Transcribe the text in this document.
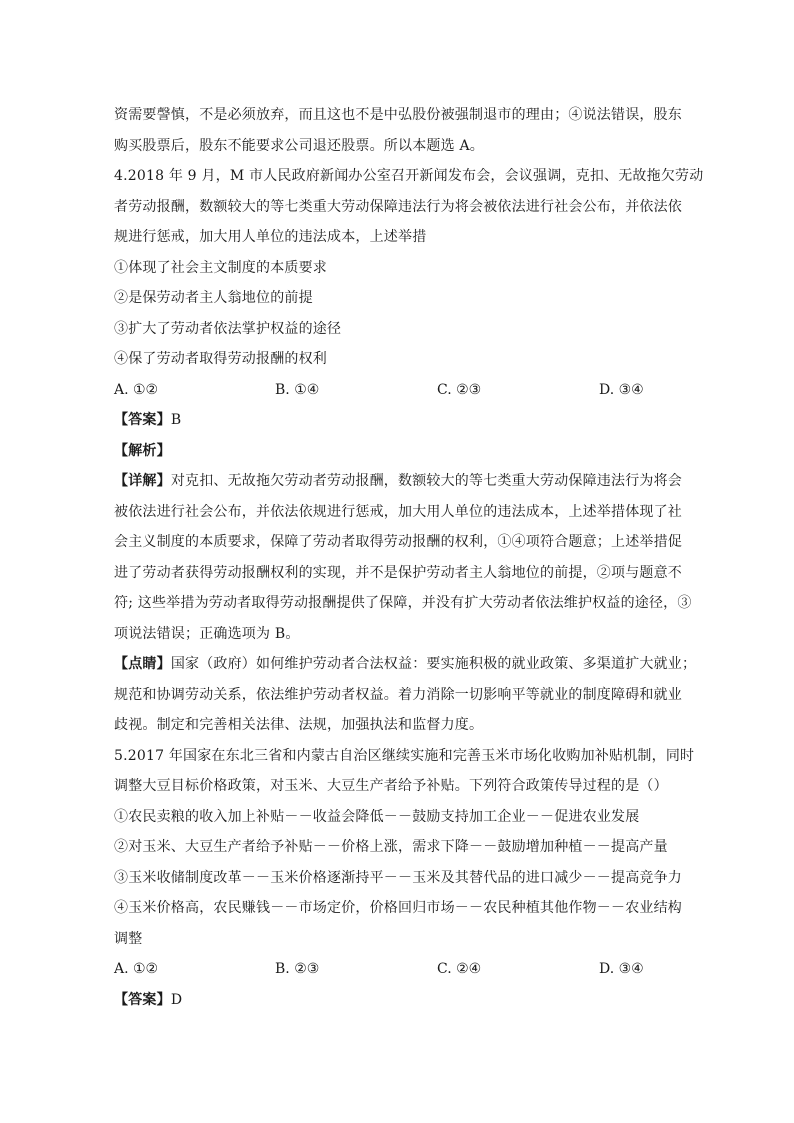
资需要謦慎，不是必须放弃，而且这也不是中弘股份被强制退市的理由；④说法错误，股东
购买股票后，股东不能要求公司退还股票。所以本题选 A。
4.2018 年 9 月，M 市人民政府新闻办公室召开新闻发布会，会议强调，克扣、无故拖欠劳动
者劳动报酬，数额较大的等七类重大劳动保障违法行为将会被依法进行社会公布，并依法依
规进行惩戒，加大用人单位的违法成本，上述举措
①体现了社会主文制度的本质要求
②是保劳动者主人翁地位的前提
③扩大了劳动者依法掌护权益的途径
④保了劳动者取得劳动报酬的权利
A. ①②	B. ①④	C. ②③	D. ③④
【答案】B
【解析】
【详解】对克扣、无故拖欠劳动者劳动报酬，数额较大的等七类重大劳动保障违法行为将会
被依法进行社会公布，并依法依规进行惩戒，加大用人单位的违法成本，上述举措体现了社
会主义制度的本质要求，保障了劳动者取得劳动报酬的权利，①④项符合题意；上述举措促
进了劳动者获得劳动报酬权利的实现，并不是保护劳动者主人翁地位的前提，②项与题意不
符; 这些举措为劳动者取得劳动报酬提供了保障，并没有扩大劳动者依法维护权益的途径，③
项说法错误；正确选项为 B。
【点睛】国家（政府）如何维护劳动者合法权益：要实施积极的就业政策、多渠道扩大就业；
规范和协调劳动关系，依法维护劳动者权益。着力消除一切影响平等就业的制度障碍和就业
歧视。制定和完善相关法律、法规，加强执法和监督力度。
5.2017 年国家在东北三省和内蒙古自治区继续实施和完善玉米市场化收购加补贴机制，同时
调整大豆目标价格政策，对玉米、大豆生产者给予补贴。下列符合政策传导过程的是（）
①农民卖粮的收入加上补贴－－收益会降低－－鼓励支持加工企业－－促进农业发展
②对玉米、大豆生产者给予补贴－－价格上涨，需求下降－－鼓励增加种植－－提高产量
③玉米收储制度改革－－玉米价格逐渐持平－－玉米及其替代品的进口减少－－提高竞争力
④玉米价格高，农民赚钱－－市场定价，价格回归市场－－农民种植其他作物－－农业结构
调整
A. ①②	B. ②③	C. ②④	D. ③④
【答案】D
